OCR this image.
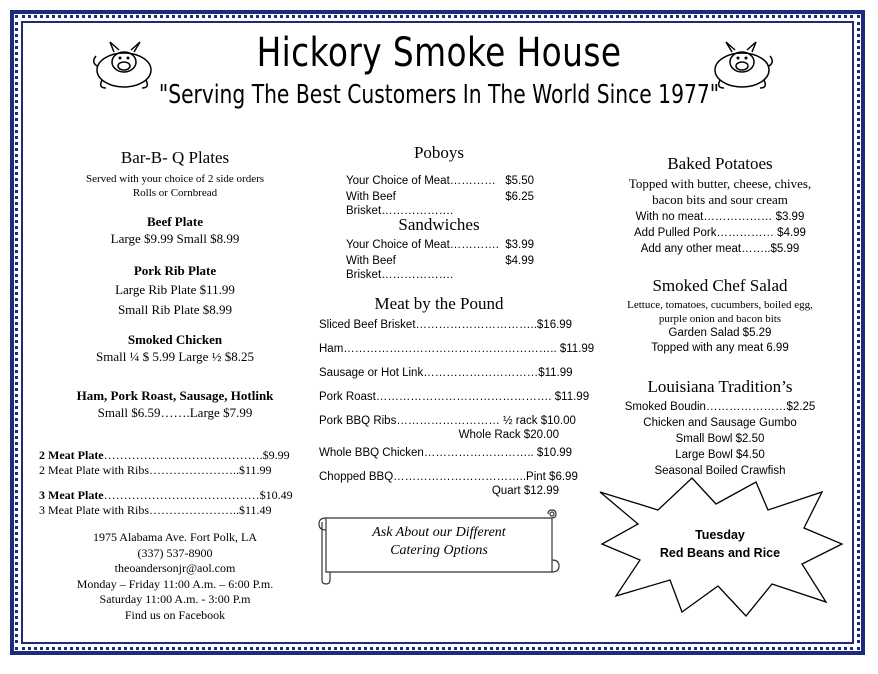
Hickory Smoke House
"Serving The Best Customers In The World Since 1977"
Bar-B- Q Plates
Served with your choice of 2 side orders
Rolls or Cornbread
Beef Plate
Large $9.99 Small $8.99
Pork Rib Plate
Large Rib Plate $11.99
Small Rib Plate $8.99
Smoked Chicken
Small ¼ $ 5.99 Large ½ $8.25
Ham, Pork Roast, Sausage, Hotlink
Small $6.59…….Large $7.99
2 Meat Plate………………………………….$9.99
2 Meat Plate with Ribs…………………..$11.99
3 Meat Plate…………………………………$10.49
3 Meat Plate with Ribs…………………..$11.49
1975 Alabama Ave. Fort Polk, LA
(337) 537-8900
theoandersonjr@aol.com
Monday – Friday 11:00 A.m. – 6:00 P.m.
Saturday 11:00 A.m. - 3:00 P.m
Find us on Facebook
Poboys
Your Choice of Meat………… $5.50
With Beef Brisket……………….
$6.25
Sandwiches
Your Choice of Meat…………. $3.99
With Beef Brisket……………….
$4.99
Meat by the Pound
Sliced Beef Brisket…………………………..$16.99
Ham……………………………………………….. $11.99
Sausage or Hot Link…………………………$11.99
Pork Roast………………………………………. $11.99
Pork BBQ Ribs……………………… ½ rack $10.00
Whole Rack $20.00
Whole BBQ Chicken……………………….. $10.99
Chopped BBQ……………………………..Pint $6.99
Quart $12.99
Ask About our Different
Catering Options
Baked Potatoes
Topped with butter, cheese, chives,
bacon bits and sour cream
With no meat……………… $3.99
Add Pulled Pork…………… $4.99
Add any other meat……..$5.99
Smoked Chef Salad
Lettuce, tomatoes, cucumbers, boiled egg,
purple onion and bacon bits
Garden Salad $5.29
Topped with any meat 6.99
Louisiana Tradition’s
Smoked Boudin…………………$2.25
Chicken and Sausage Gumbo
Small Bowl $2.50
Large Bowl $4.50
Seasonal Boiled Crawfish
Tuesday
Red Beans and Rice
